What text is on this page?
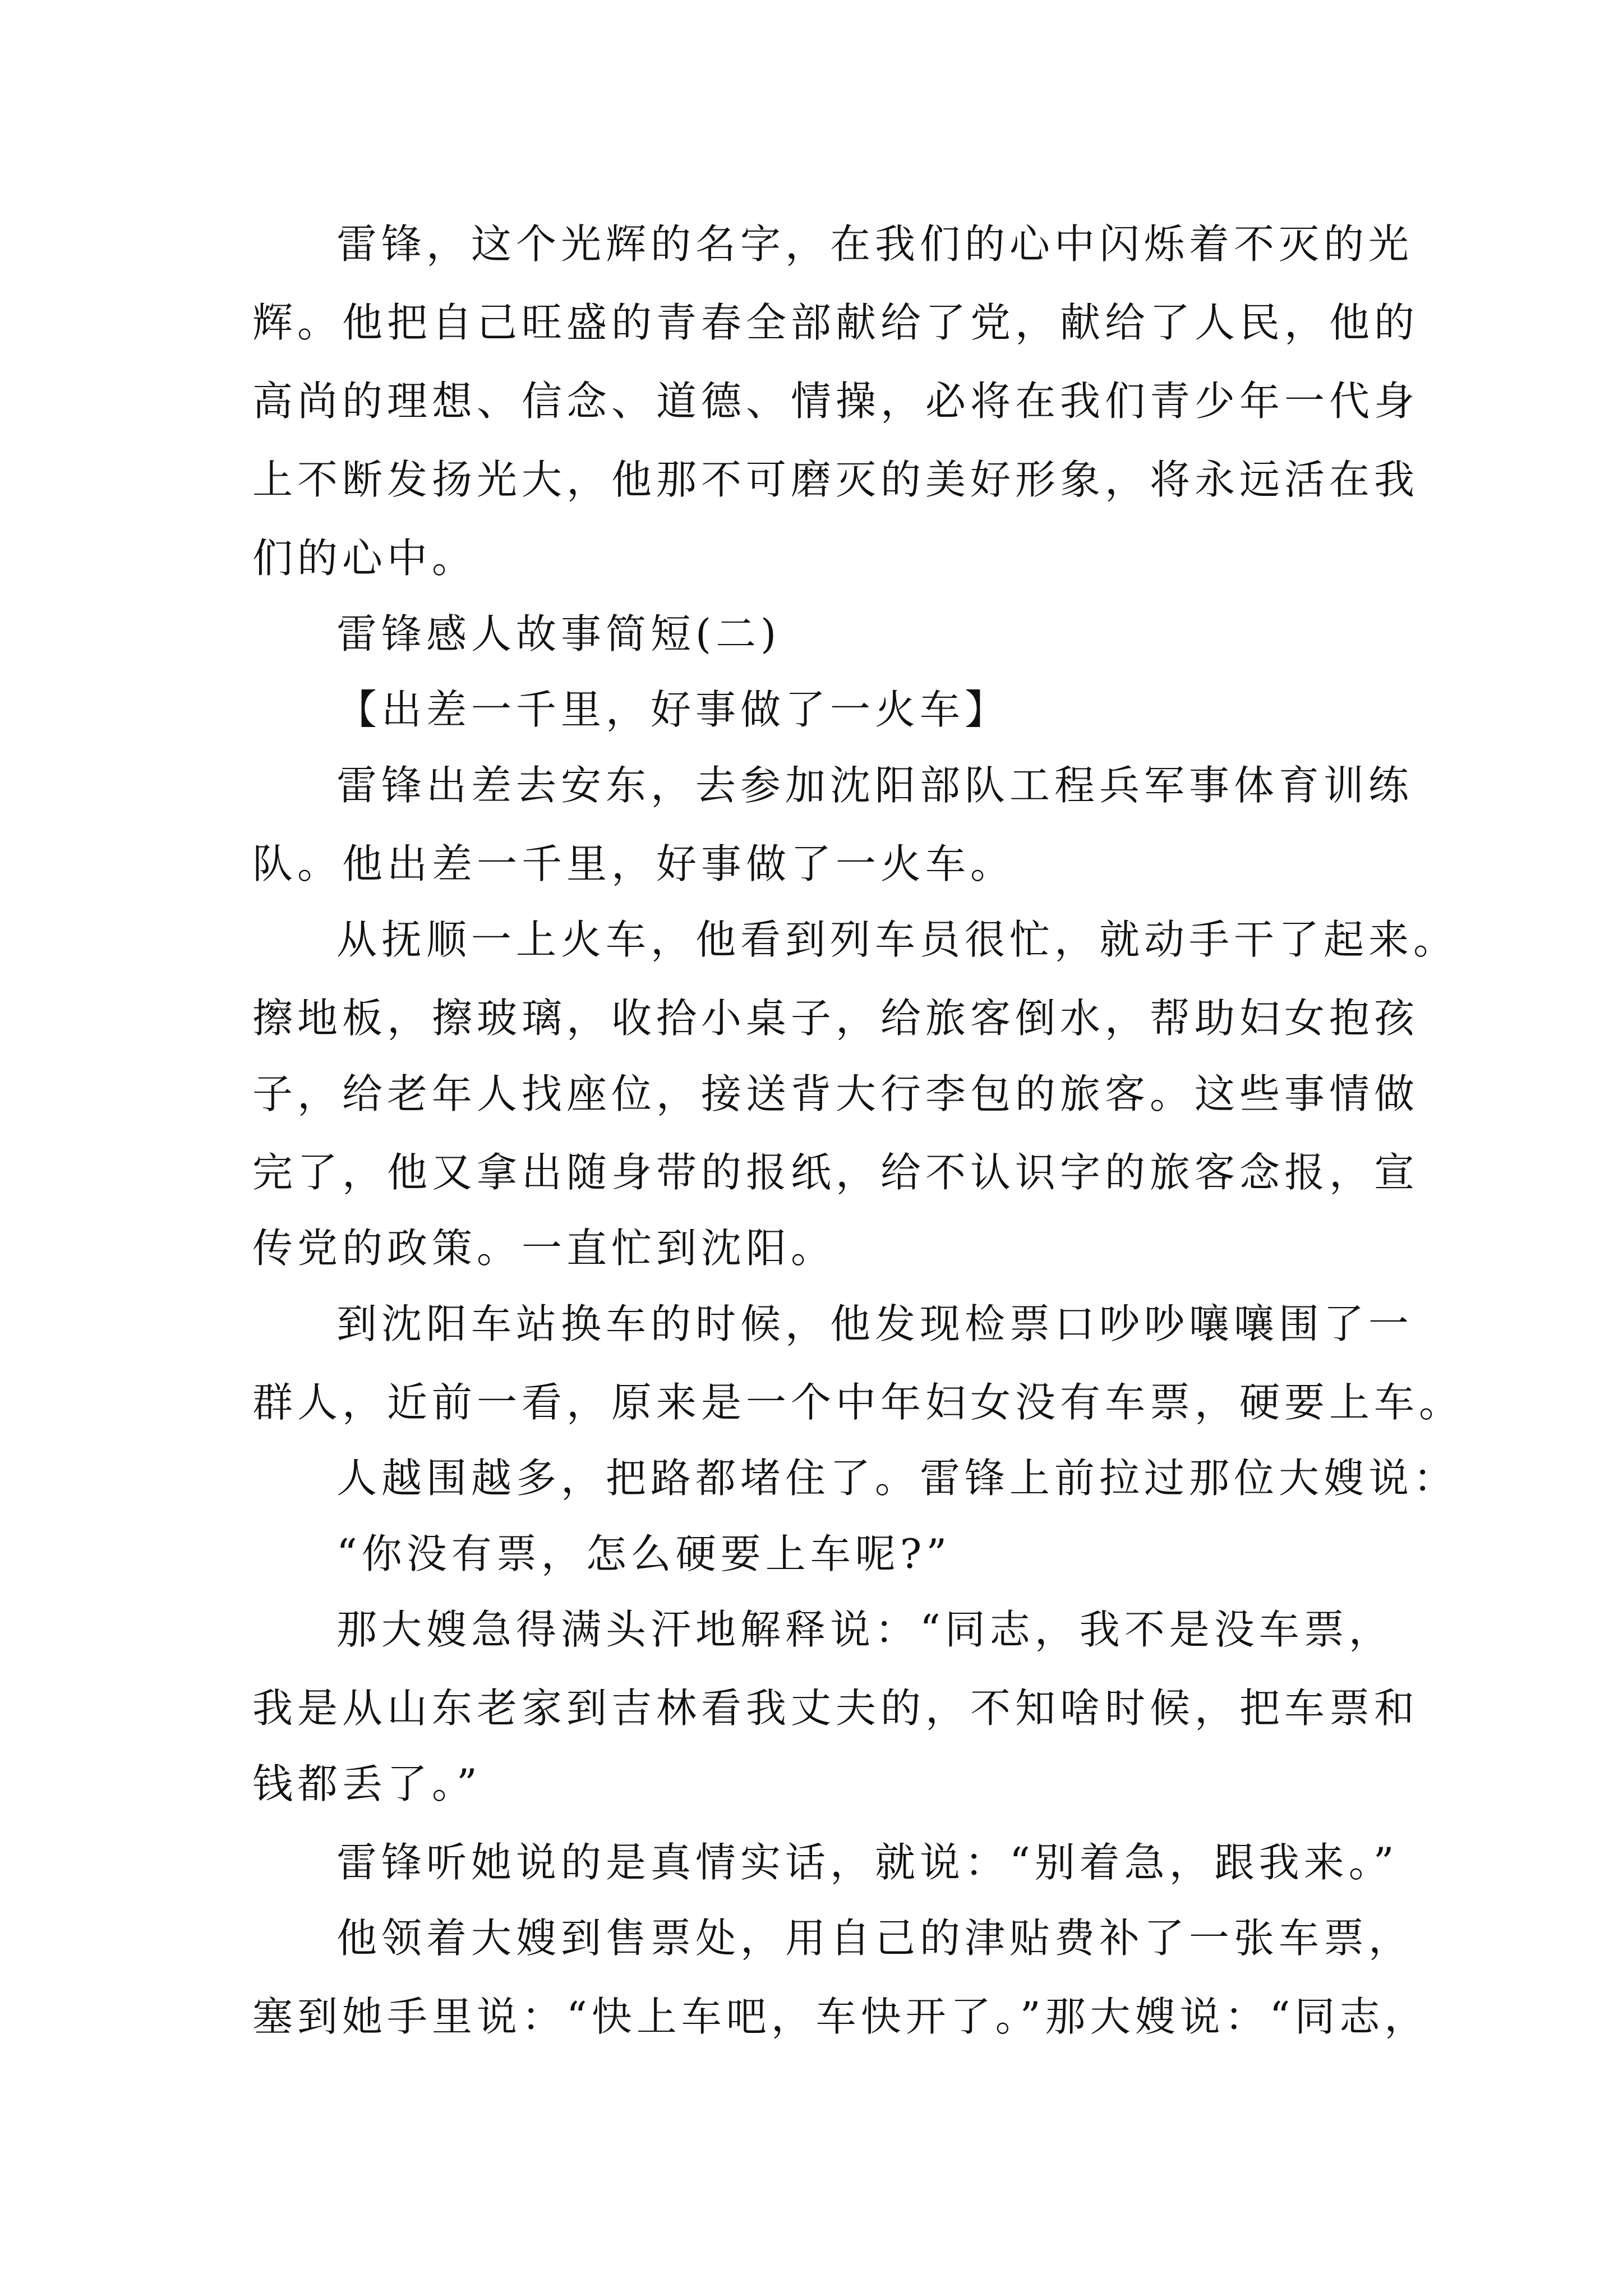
雷锋，这个光辉的名字，在我们的心中闪烁着不灭的光
辉。他把自己旺盛的青春全部献给了党，献给了人民，他的
高尚的理想、信念、道德、情操，必将在我们青少年一代身
上不断发扬光大，他那不可磨灭的美好形象，将永远活在我
们的心中。
雷锋感人故事简短(二)
【出差一千里，好事做了一火车】
雷锋出差去安东，去参加沈阳部队工程兵军事体育训练
队。他出差一千里，好事做了一火车。
从抚顺一上火车，他看到列车员很忙，就动手干了起来。
擦地板，擦玻璃，收拾小桌子，给旅客倒水，帮助妇女抱孩
子，给老年人找座位，接送背大行李包的旅客。这些事情做
完了，他又拿出随身带的报纸，给不认识字的旅客念报，宣
传党的政策。一直忙到沈阳。
到沈阳车站换车的时候，他发现检票口吵吵嚷嚷围了一
群人，近前一看，原来是一个中年妇女没有车票，硬要上车。
人越围越多，把路都堵住了。雷锋上前拉过那位大嫂说：
“你没有票，怎么硬要上车呢?”
那大嫂急得满头汗地解释说：“同志，我不是没车票，
我是从山东老家到吉林看我丈夫的，不知啥时候，把车票和
钱都丢了。”
雷锋听她说的是真情实话，就说：“别着急，跟我来。”
他领着大嫂到售票处，用自己的津贴费补了一张车票，
塞到她手里说：“快上车吧，车快开了。”那大嫂说：“同志，
